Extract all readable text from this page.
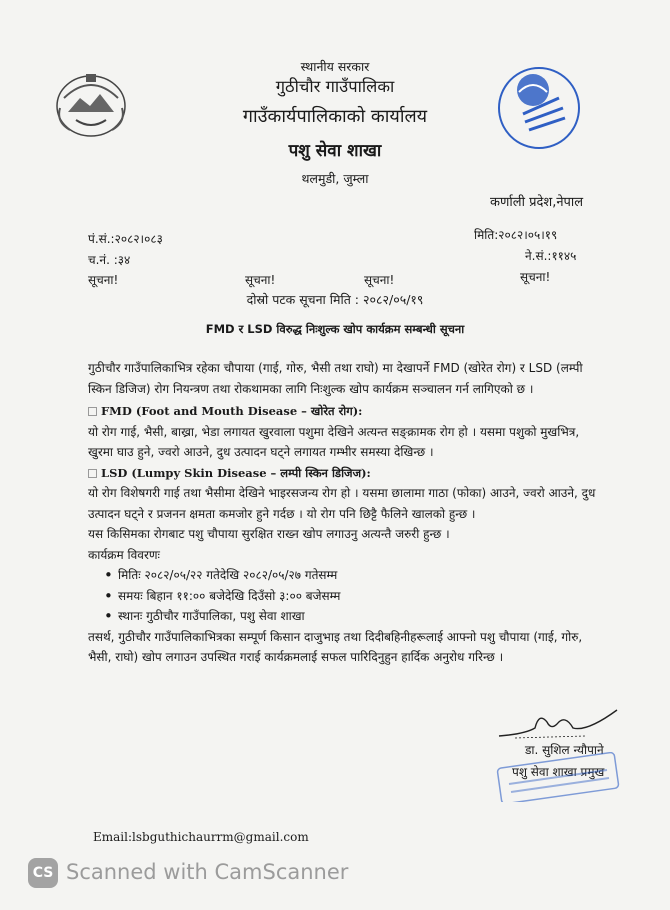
स्थानीय सरकार
गुठीचौर गाउँपालिका
गाउँकार्यपालिकाको कार्यालय
पशु सेवा शाखा
थलमुडी, जुम्ला
कर्णाली प्रदेश,नेपाल
पं.सं.:२०८२।०८३
च.नं. :३४
मिति:२०८२।०५।१९
ने.सं.:११४५
सूचना!	सूचना!	सूचना!	सूचना!
दोस्रो पटक सूचना मिति : २०८२/०५/१९
FMD र LSD विरुद्ध निःशुल्क खोप कार्यक्रम सम्बन्धी सूचना

गुठीचौर गाउँपालिकाभित्र रहेका चौपाया (गाई, गोरु, भैसी तथा राघो) मा देखापर्ने FMD (खोरेत रोग) र LSD (लम्पी स्किन डिजिज) रोग नियन्त्रण तथा रोकथामका लागि निःशुल्क खोप कार्यक्रम सञ्चालन गर्न लागिएको छ ।

FMD (Foot and Mouth Disease – खोरेत रोग):

यो रोग गाई, भैसी, बाख्रा, भेडा लगायत खुरवाला पशुमा देखिने अत्यन्त सङ्क्रामक रोग हो । यसमा पशुको मुखभित्र, खुरमा घाउ हुने, ज्वरो आउने, दुध उत्पादन घट्ने लगायत गम्भीर समस्या देखिन्छ ।

LSD (Lumpy Skin Disease – लम्पी स्किन डिजिज):

यो रोग विशेषगरी गाई तथा भैसीमा देखिने भाइरसजन्य रोग हो । यसमा छालामा गाठा (फोका) आउने, ज्वरो आउने, दुध उत्पादन घट्ने र प्रजनन क्षमता कमजोर हुने गर्दछ । यो रोग पनि छिट्टै फैलिने खालको हुन्छ ।

यस किसिमका रोगबाट पशु चौपाया सुरक्षित राख्न खोप लगाउनु अत्यन्तै जरुरी हुन्छ ।

कार्यक्रम विवरणः

• मितिः २०८२/०५/२२ गतेदेखि २०८२/०५/२७ गतेसम्म
• समयः बिहान ११:०० बजेदेखि दिउँसो ३:०० बजेसम्म
• स्थानः गुठीचौर गाउँपालिका, पशु सेवा शाखा

तसर्थ, गुठीचौर गाउँपालिकाभित्रका सम्पूर्ण किसान दाजुभाइ तथा दिदीबहिनीहरूलाई आफ्नो पशु चौपाया (गाई, गोरु, भैसी, राघो) खोप लगाउन उपस्थित गराई कार्यक्रमलाई सफल पारिदिनुहुन हार्दिक अनुरोध गरिन्छ ।

डा. सुशिल न्यौपाने
पशु सेवा शाखा प्रमुख
Email:lsbguthichaurrm@gmail.com
CS Scanned with CamScanner
